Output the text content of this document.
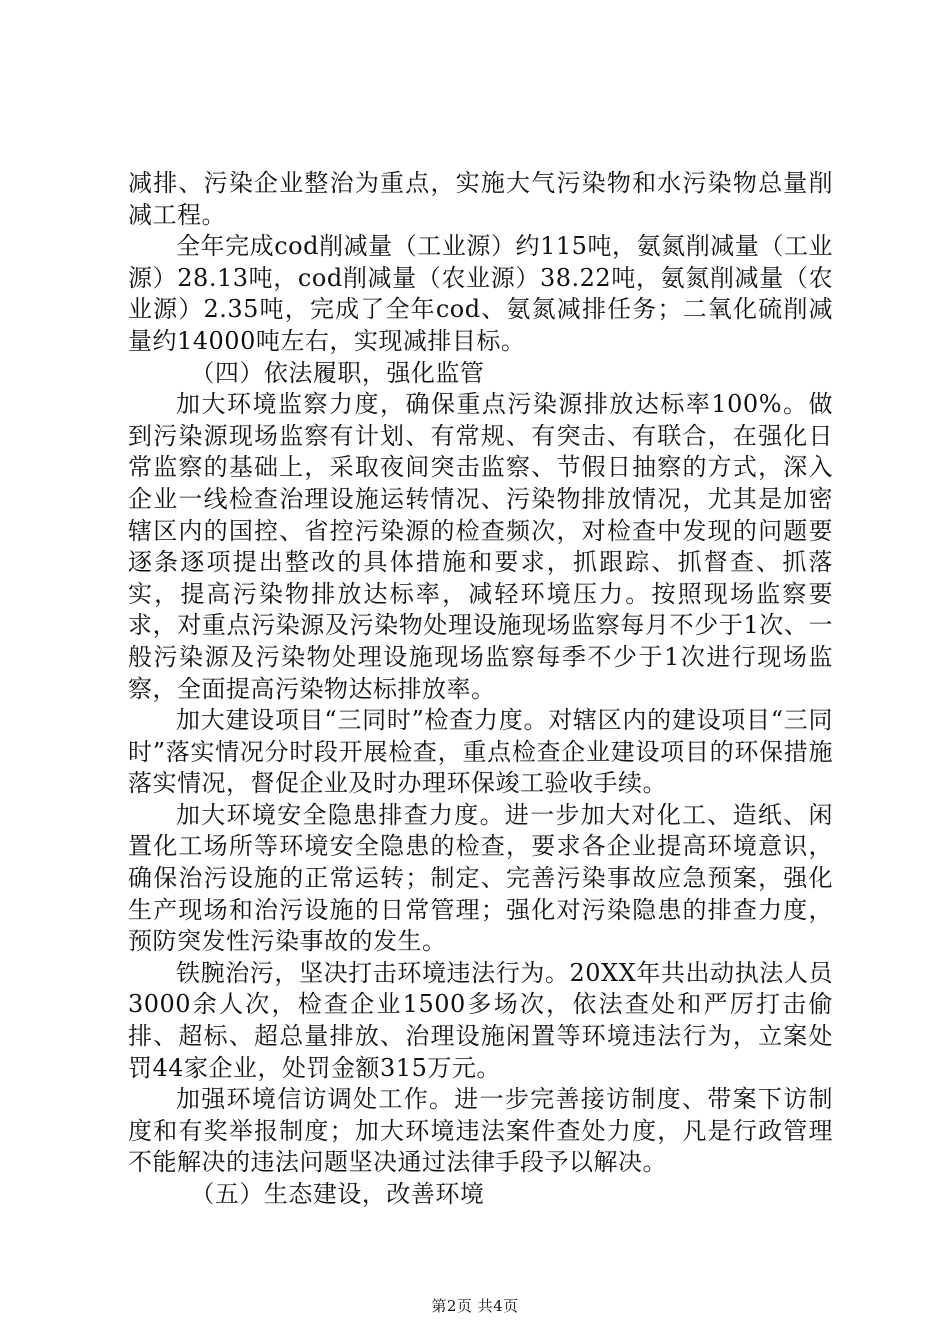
减排、污染企业整治为重点，实施大气污染物和水污染物总量削减工程。

全年完成cod削减量（工业源）约115吨，氨氮削减量（工业源）28.13吨，cod削减量（农业源）38.22吨，氨氮削减量（农业源）2.35吨，完成了全年cod、氨氮减排任务；二氧化硫削减量约14000吨左右，实现减排目标。

（四）依法履职，强化监管

加大环境监察力度，确保重点污染源排放达标率100%。做到污染源现场监察有计划、有常规、有突击、有联合，在强化日常监察的基础上，采取夜间突击监察、节假日抽察的方式，深入企业一线检查治理设施运转情况、污染物排放情况，尤其是加密辖区内的国控、省控污染源的检查频次，对检查中发现的问题要逐条逐项提出整改的具体措施和要求，抓跟踪、抓督查、抓落实，提高污染物排放达标率，减轻环境压力。按照现场监察要求，对重点污染源及污染物处理设施现场监察每月不少于1次、一般污染源及污染物处理设施现场监察每季不少于1次进行现场监察，全面提高污染物达标排放率。

加大建设项目“三同时”检查力度。对辖区内的建设项目“三同时”落实情况分时段开展检查，重点检查企业建设项目的环保措施落实情况，督促企业及时办理环保竣工验收手续。

加大环境安全隐患排查力度。进一步加大对化工、造纸、闲置化工场所等环境安全隐患的检查，要求各企业提高环境意识，确保治污设施的正常运转；制定、完善污染事故应急预案，强化生产现场和治污设施的日常管理；强化对污染隐患的排查力度，预防突发性污染事故的发生。

铁腕治污，坚决打击环境违法行为。20XX年共出动执法人员3000余人次，检查企业1500多场次，依法查处和严厉打击偷排、超标、超总量排放、治理设施闲置等环境违法行为，立案处罚44家企业，处罚金额315万元。

加强环境信访调处工作。进一步完善接访制度、带案下访制度和有奖举报制度；加大环境违法案件查处力度，凡是行政管理不能解决的违法问题坚决通过法律手段予以解决。

（五）生态建设，改善环境

第2页 共4页
